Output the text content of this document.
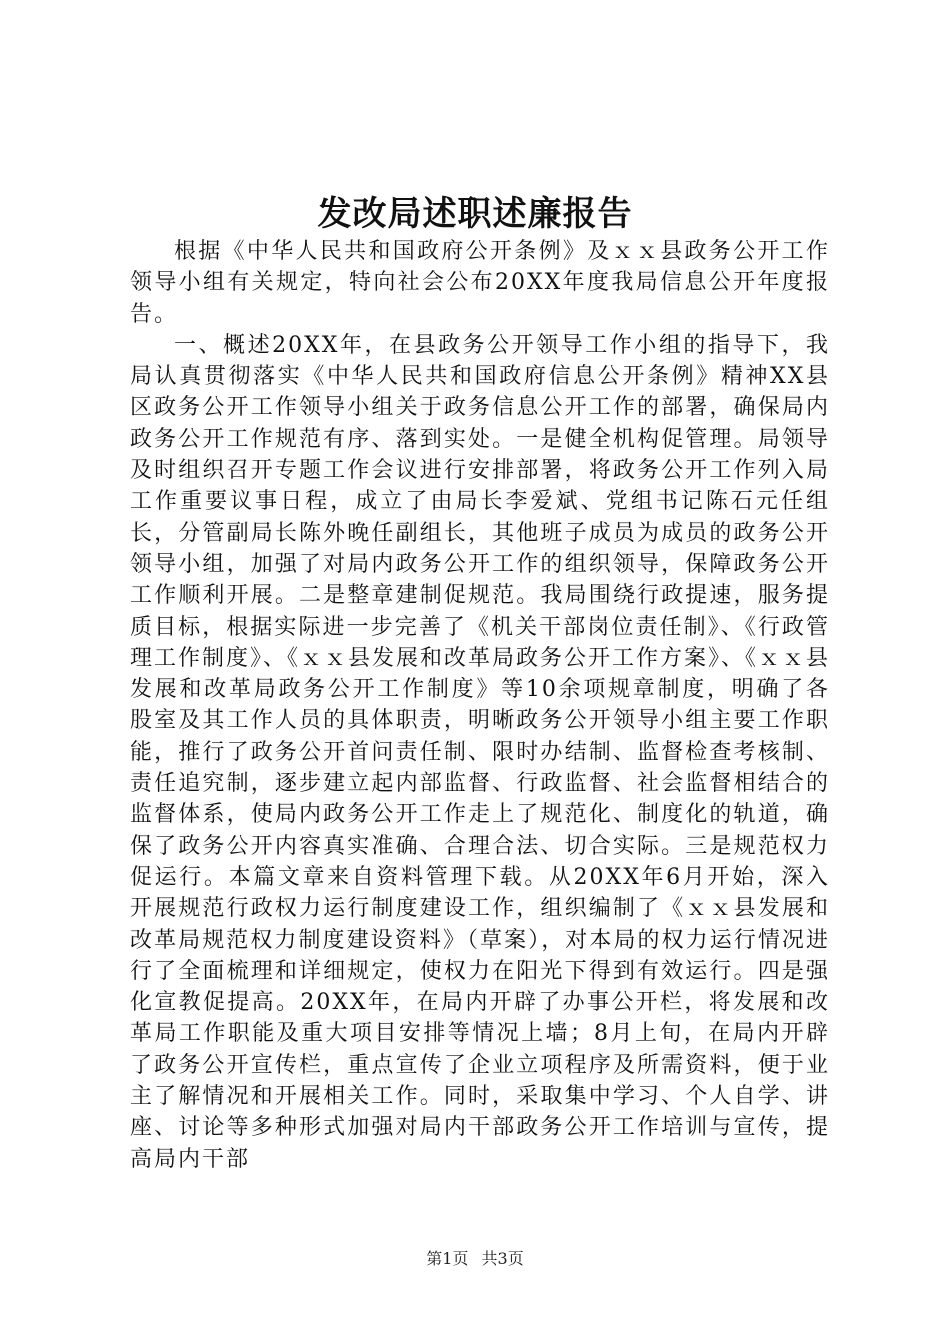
发改局述职述廉报告

根据《中华人民共和国政府公开条例》及ｘｘ县政务公开工作领导小组有关规定，特向社会公布20XX年度我局信息公开年度报告。

一、概述20XX年，在县政务公开领导工作小组的指导下，我局认真贯彻落实《中华人民共和国政府信息公开条例》精神XX县区政务公开工作领导小组关于政务信息公开工作的部署，确保局内政务公开工作规范有序、落到实处。一是健全机构促管理。局领导及时组织召开专题工作会议进行安排部署，将政务公开工作列入局工作重要议事日程，成立了由局长李爱斌、党组书记陈石元任组长，分管副局长陈外晚任副组长，其他班子成员为成员的政务公开领导小组，加强了对局内政务公开工作的组织领导，保障政务公开工作顺利开展。二是整章建制促规范。我局围绕行政提速，服务提质目标，根据实际进一步完善了《机关干部岗位责任制》、《行政管理工作制度》、《ｘｘ县发展和改革局政务公开工作方案》、《ｘｘ县发展和改革局政务公开工作制度》等10余项规章制度，明确了各股室及其工作人员的具体职责，明晰政务公开领导小组主要工作职能，推行了政务公开首问责任制、限时办结制、监督检查考核制、责任追究制，逐步建立起内部监督、行政监督、社会监督相结合的监督体系，使局内政务公开工作走上了规范化、制度化的轨道，确保了政务公开内容真实准确、合理合法、切合实际。三是规范权力促运行。本篇文章来自资料管理下载。从20XX年6月开始，深入开展规范行政权力运行制度建设工作，组织编制了《ｘｘ县发展和改革局规范权力制度建设资料》（草案），对本局的权力运行情况进行了全面梳理和详细规定，使权力在阳光下得到有效运行。四是强化宣教促提高。20XX年，在局内开辟了办事公开栏，将发展和改革局工作职能及重大项目安排等情况上墙；8月上旬，在局内开辟了政务公开宣传栏，重点宣传了企业立项程序及所需资料，便于业主了解情况和开展相关工作。同时，采取集中学习、个人自学、讲座、讨论等多种形式加强对局内干部政务公开工作培训与宣传，提高局内干部

第1页 共3页
